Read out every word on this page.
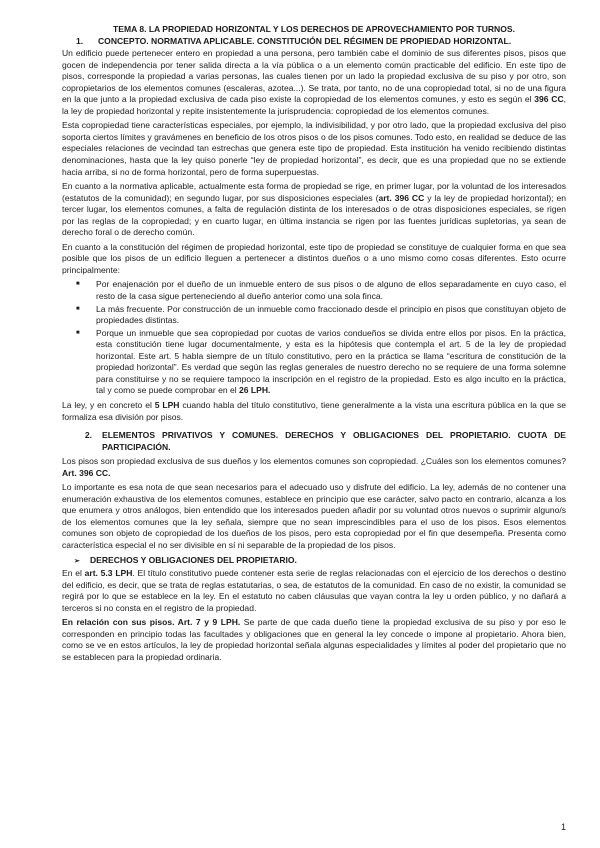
TEMA 8. LA PROPIEDAD HORIZONTAL Y LOS DERECHOS DE APROVECHAMIENTO POR TURNOS.

1. CONCEPTO. NORMATIVA APLICABLE. CONSTITUCIÓN DEL RÉGIMEN DE PROPIEDAD HORIZONTAL.

Un edificio puede pertenecer entero en propiedad a una persona, pero también cabe el dominio de sus diferentes pisos, pisos que gocen de independencia por tener salida directa a la vía pública o a un elemento común practicable del edificio. En este tipo de pisos, corresponde la propiedad a varias personas, las cuales tienen por un lado la propiedad exclusiva de su piso y por otro, son copropietarios de los elementos comunes (escaleras, azotea...). Se trata, por tanto, no de una copropiedad total, si no de una figura en la que junto a la propiedad exclusiva de cada piso existe la copropiedad de los elementos comunes, y esto es según el 396 CC, la ley de propiedad horizontal y repite insistentemente la jurisprudencia: copropiedad de los elementos comunes.

Esta copropiedad tiene características especiales, por ejemplo, la indivisibilidad, y por otro lado, que la propiedad exclusiva del piso soporta ciertos límites y gravámenes en beneficio de los otros pisos o de los pisos comunes. Todo esto, en realidad se deduce de las especiales relaciones de vecindad tan estrechas que genera este tipo de propiedad. Esta institución ha venido recibiendo distintas denominaciones, hasta que la ley quiso ponerle “ley de propiedad horizontal”, es decir, que es una propiedad que no se extiende hacia arriba, si no de forma horizontal, pero de forma superpuestas.

En cuanto a la normativa aplicable, actualmente esta forma de propiedad se rige, en primer lugar, por la voluntad de los interesados (estatutos de la comunidad); en segundo lugar, por sus disposiciones especiales (art. 396 CC y la ley de propiedad horizontal); en tercer lugar, los elementos comunes, a falta de regulación distinta de los interesados o de otras disposiciones especiales, se rigen por las reglas de la copropiedad; y en cuarto lugar, en última instancia se rigen por las fuentes jurídicas supletorias, ya sean de derecho foral o de derecho común.

En cuanto a la constitución del régimen de propiedad horizontal, este tipo de propiedad se constituye de cualquier forma en que sea posible que los pisos de un edificio lleguen a pertenecer a distintos dueños o a uno mismo como cosas diferentes. Esto ocurre principalmente:

■ Por enajenación por el dueño de un inmueble entero de sus pisos o de alguno de ellos separadamente en cuyo caso, el resto de la casa sigue perteneciendo al dueño anterior como una sola finca.
■ La más frecuente. Por construcción de un inmueble como fraccionado desde el principio en pisos que constituyan objeto de propiedades distintas.
■ Porque un inmueble que sea copropiedad por cuotas de varios condueños se divida entre ellos por pisos. En la práctica, esta constitución tiene lugar documentalmente, y esta es la hipótesis que contempla el art. 5 de la ley de propiedad horizontal. Este art. 5 habla siempre de un título constitutivo, pero en la práctica se llama “escritura de constitución de la propiedad horizontal”. Es verdad que según las reglas generales de nuestro derecho no se requiere de una forma solemne para constituirse y no se requiere tampoco la inscripción en el registro de la propiedad. Esto es algo inculto en la práctica, tal y como se puede comprobar en el 26 LPH.

La ley, y en concreto el 5 LPH cuando habla del título constitutivo, tiene generalmente a la vista una escritura pública en la que se formaliza esa división por pisos.

2.	ELEMENTOS PRIVATIVOS Y COMUNES. DERECHOS Y OBLIGACIONES DEL PROPIETARIO. CUOTA DE PARTICIPACIÓN.

Los pisos son propiedad exclusiva de sus dueños y los elementos comunes son copropiedad. ¿Cuáles son los elementos comunes? Art. 396 CC.

Lo importante es esa nota de que sean necesarios para el adecuado uso y disfrute del edificio. La ley, además de no contener una enumeración exhaustiva de los elementos comunes, establece en principio que ese carácter, salvo pacto en contrario, alcanza a los que enumera y otros análogos, bien entendido que los interesados pueden añadir por su voluntad otros nuevos o suprimir alguno/s de los elementos comunes que la ley señala, siempre que no sean imprescindibles para el uso de los pisos. Esos elementos comunes son objeto de copropiedad de los dueños de los pisos, pero esta copropiedad por el fin que desempeña. Presenta como característica especial el no ser divisible en sí ni separable de la propiedad de los pisos.

➢ DERECHOS Y OBLIGACIONES DEL PROPIETARIO.

En el art. 5.3 LPH. El título constitutivo puede contener esta serie de reglas relacionadas con el ejercicio de los derechos o destino del edificio, es decir, que se trata de reglas estatutarias, o sea, de estatutos de la comunidad. En caso de no existir, la comunidad se regirá por lo que se establece en la ley. En el estatuto no caben cláusulas que vayan contra la ley u orden público, y no dañará a terceros si no consta en el registro de la propiedad.

En relación con sus pisos. Art. 7 y 9 LPH. Se parte de que cada dueño tiene la propiedad exclusiva de su piso y por eso le corresponden en principio todas las facultades y obligaciones que en general la ley concede o impone al propietario. Ahora bien, como se ve en estos artículos, la ley de propiedad horizontal señala algunas especialidades y límites al poder del propietario que no se establecen para la propiedad ordinaria.

1
